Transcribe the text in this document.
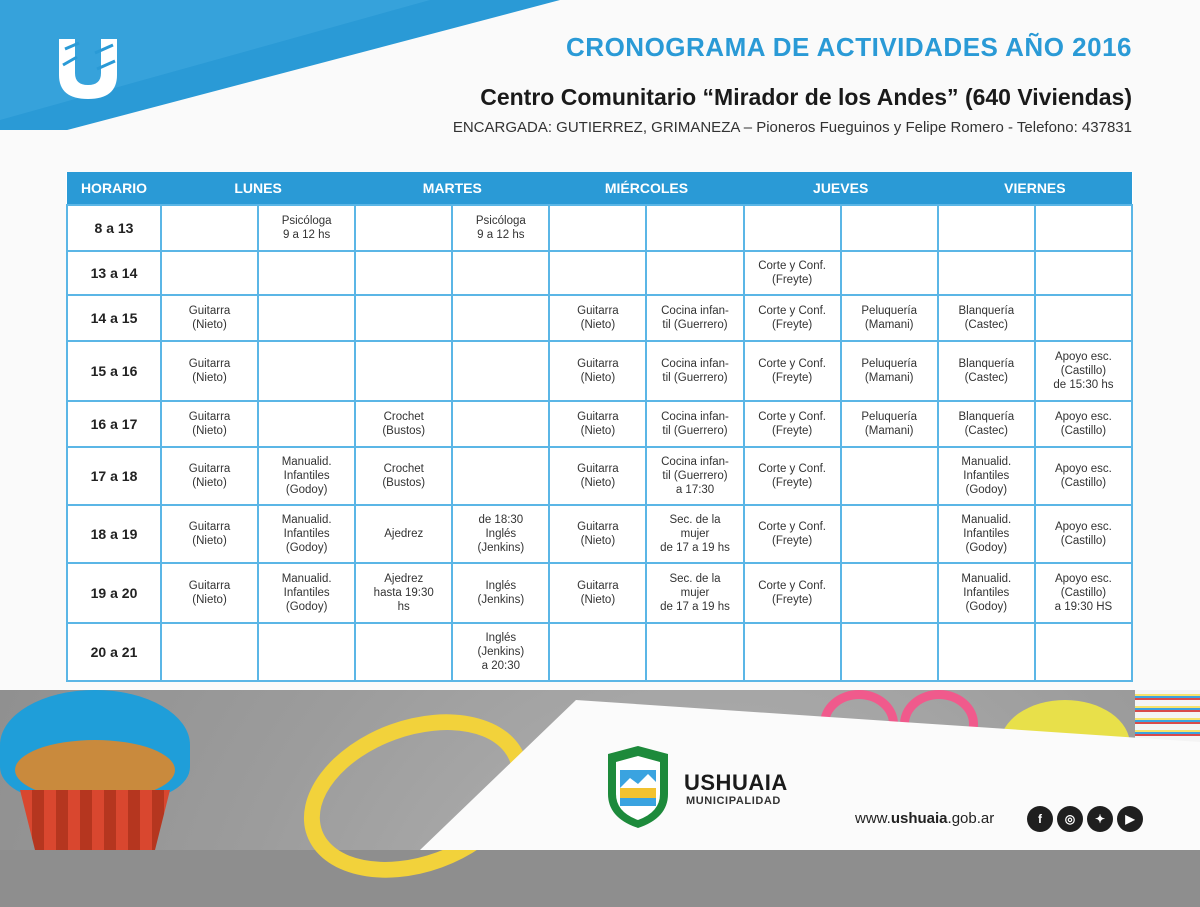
CRONOGRAMA DE ACTIVIDADES AÑO 2016
Centro Comunitario “Mirador de los Andes” (640 Viviendas)
ENCARGADA: GUTIERREZ, GRIMANEZA – Pioneros Fueguinos y Felipe Romero - Telefono: 437831
HORARIO	LUNES		MARTES		MIÉRCOLES		JUEVES		VIERNES	
8 a 13		Psicóloga
9 a 12 hs		Psicóloga
9 a 12 hs						
13 a 14							Corte y Conf.
(Freyte)			
14 a 15	Guitarra
(Nieto)				Guitarra
(Nieto)	Cocina infan-
til (Guerrero)	Corte y Conf.
(Freyte)	Peluquería
(Mamani)	Blanquería
(Castec)	
15 a 16	Guitarra
(Nieto)				Guitarra
(Nieto)	Cocina infan-
til (Guerrero)	Corte y Conf.
(Freyte)	Peluquería
(Mamani)	Blanquería
(Castec)	Apoyo esc.
(Castillo)
de 15:30 hs
16 a 17	Guitarra
(Nieto)		Crochet
(Bustos)		Guitarra
(Nieto)	Cocina infan-
til (Guerrero)	Corte y Conf.
(Freyte)	Peluquería
(Mamani)	Blanquería
(Castec)	Apoyo esc.
(Castillo)
17 a 18	Guitarra
(Nieto)	Manualid.
Infantiles
(Godoy)	Crochet
(Bustos)		Guitarra
(Nieto)	Cocina infan-
til (Guerrero)
a 17:30	Corte y Conf.
(Freyte)		Manualid.
Infantiles
(Godoy)	Apoyo esc.
(Castillo)
18 a 19	Guitarra
(Nieto)	Manualid.
Infantiles
(Godoy)	Ajedrez	de 18:30
Inglés
(Jenkins)	Guitarra
(Nieto)	Sec. de la
mujer
de 17 a 19 hs	Corte y Conf.
(Freyte)		Manualid.
Infantiles
(Godoy)	Apoyo esc.
(Castillo)
19 a 20	Guitarra
(Nieto)	Manualid.
Infantiles
(Godoy)	Ajedrez
hasta 19:30
hs	Inglés
(Jenkins)	Guitarra
(Nieto)	Sec. de la
mujer
de 17 a 19 hs	Corte y Conf.
(Freyte)		Manualid.
Infantiles
(Godoy)	Apoyo esc.
(Castillo)
a 19:30 HS
20 a 21				Inglés
(Jenkins)
a 20:30						
USHUAIA
MUNICIPALIDAD
www.ushuaia.gob.ar	f	◎	✦	▶
